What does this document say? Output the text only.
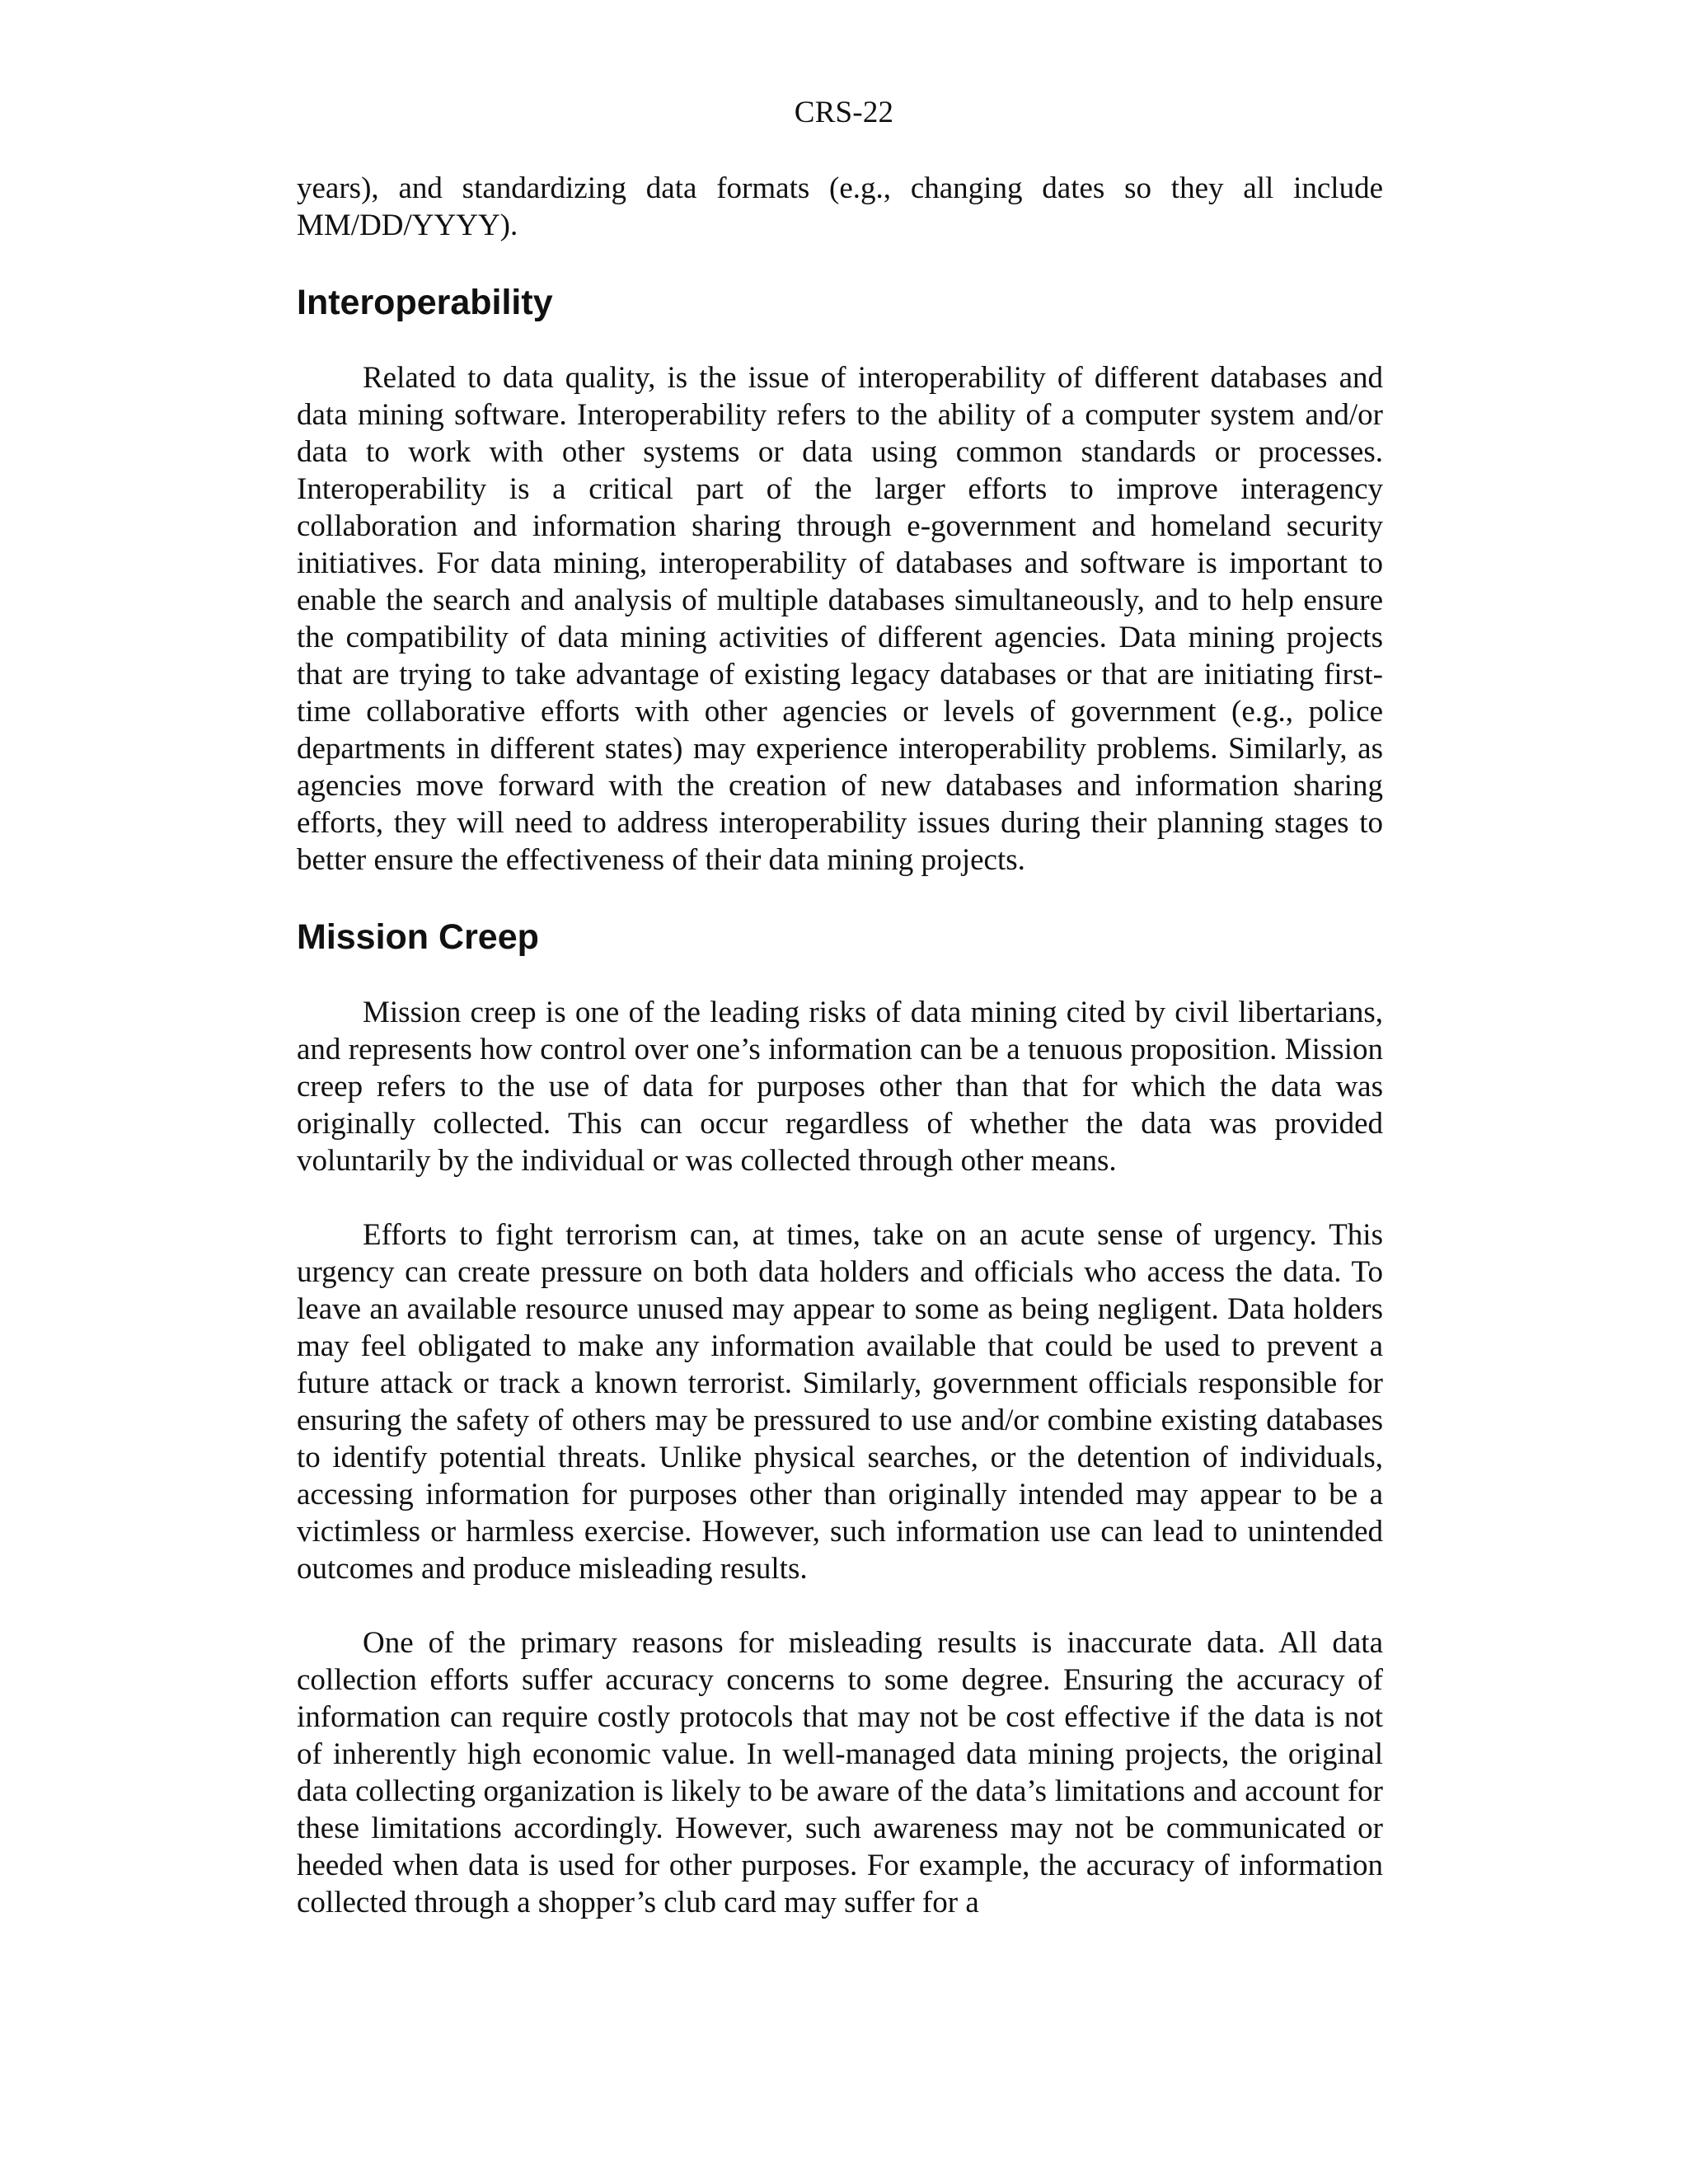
CRS-22

years), and standardizing data formats (e.g., changing dates so they all include MM/DD/YYYY).

Interoperability

Related to data quality, is the issue of interoperability of different databases and data mining software. Interoperability refers to the ability of a computer system and/or data to work with other systems or data using common standards or processes. Interoperability is a critical part of the larger efforts to improve interagency collaboration and information sharing through e-government and homeland security initiatives. For data mining, interoperability of databases and software is important to enable the search and analysis of multiple databases simultaneously, and to help ensure the compatibility of data mining activities of different agencies. Data mining projects that are trying to take advantage of existing legacy databases or that are initiating first-time collaborative efforts with other agencies or levels of government (e.g., police departments in different states) may experience interoperability problems. Similarly, as agencies move forward with the creation of new databases and information sharing efforts, they will need to address interoperability issues during their planning stages to better ensure the effectiveness of their data mining projects.

Mission Creep

Mission creep is one of the leading risks of data mining cited by civil libertarians, and represents how control over one’s information can be a tenuous proposition. Mission creep refers to the use of data for purposes other than that for which the data was originally collected. This can occur regardless of whether the data was provided voluntarily by the individual or was collected through other means.

Efforts to fight terrorism can, at times, take on an acute sense of urgency. This urgency can create pressure on both data holders and officials who access the data. To leave an available resource unused may appear to some as being negligent. Data holders may feel obligated to make any information available that could be used to prevent a future attack or track a known terrorist. Similarly, government officials responsible for ensuring the safety of others may be pressured to use and/or combine existing databases to identify potential threats. Unlike physical searches, or the detention of individuals, accessing information for purposes other than originally intended may appear to be a victimless or harmless exercise. However, such information use can lead to unintended outcomes and produce misleading results.

One of the primary reasons for misleading results is inaccurate data. All data collection efforts suffer accuracy concerns to some degree. Ensuring the accuracy of information can require costly protocols that may not be cost effective if the data is not of inherently high economic value. In well-managed data mining projects, the original data collecting organization is likely to be aware of the data’s limitations and account for these limitations accordingly. However, such awareness may not be communicated or heeded when data is used for other purposes. For example, the accuracy of information collected through a shopper’s club card may suffer for a
